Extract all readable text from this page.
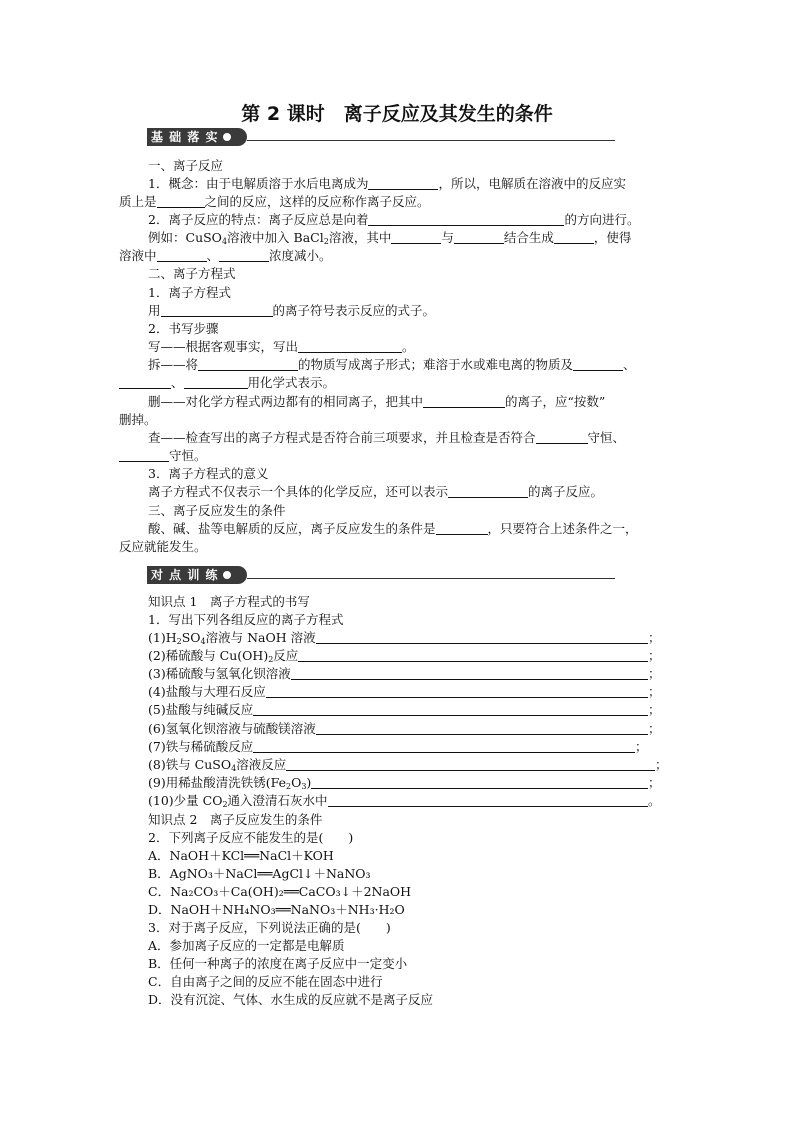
第 2 课时　离子反应及其发生的条件
基 础 落 实
一、离子反应
1．概念：由于电解质溶于水后电离成为	，所以，电解质在溶液中的反应实
质上是	之间的反应，这样的反应称作离子反应。
2．离子反应的特点：离子反应总是向着	的方向进行。
例如：CuSO$_4$溶液中加入 BaCl$_2$溶液，其中	与	结合生成	，使得
溶液中	、	浓度减小。
二、离子方程式
1．离子方程式
用	的离子符号表示反应的式子。
2．书写步骤
写——根据客观事实，写出	。
拆——将	的物质写成离子形式；难溶于水或难电离的物质及	、
、	用化学式表示。
删——对化学方程式两边都有的相同离子，把其中	的离子，应“按数”
删掉。
查——检查写出的离子方程式是否符合前三项要求，并且检查是否符合	守恒、
守恒。
3．离子方程式的意义
离子方程式不仅表示一个具体的化学反应，还可以表示	的离子反应。
三、离子反应发生的条件
酸、碱、盐等电解质的反应，离子反应发生的条件是	，只要符合上述条件之一，
反应就能发生。
对 点 训 练
知识点 1　离子方程式的书写
1．写出下列各组反应的离子方程式
$(1)H_2SO_4$溶液与 NaOH 溶液	；
(2)稀硫酸与 $Cu(OH)_2$反应	；
(3)稀硫酸与氢氧化钡溶液	；
(4)盐酸与大理石反应	；
(5)盐酸与纯碱反应	；
(6)氢氧化钡溶液与硫酸镁溶液	；
(7)铁与稀硫酸反应	；
(8)铁与 CuSO$_4$溶液反应	；
(9)用稀盐酸清洗铁锈$(Fe_2O_3)$	；
(10)少量 $CO_2$通入澄清石灰水中	。
知识点 2　离子反应发生的条件
2．下列离子反应不能发生的是(　　)
A．NaOH＋KCl══NaCl＋KOH
B．AgNO₃＋NaCl══AgCl↓＋NaNO₃
C．Na₂CO₃＋Ca(OH)₂══CaCO₃↓＋2NaOH
D．NaOH＋NH₄NO₃══NaNO₃＋NH₃·H₂O
3．对于离子反应，下列说法正确的是(　　)
A．参加离子反应的一定都是电解质
B．任何一种离子的浓度在离子反应中一定变小
C．自由离子之间的反应不能在固态中进行
D．没有沉淀、气体、水生成的反应就不是离子反应
